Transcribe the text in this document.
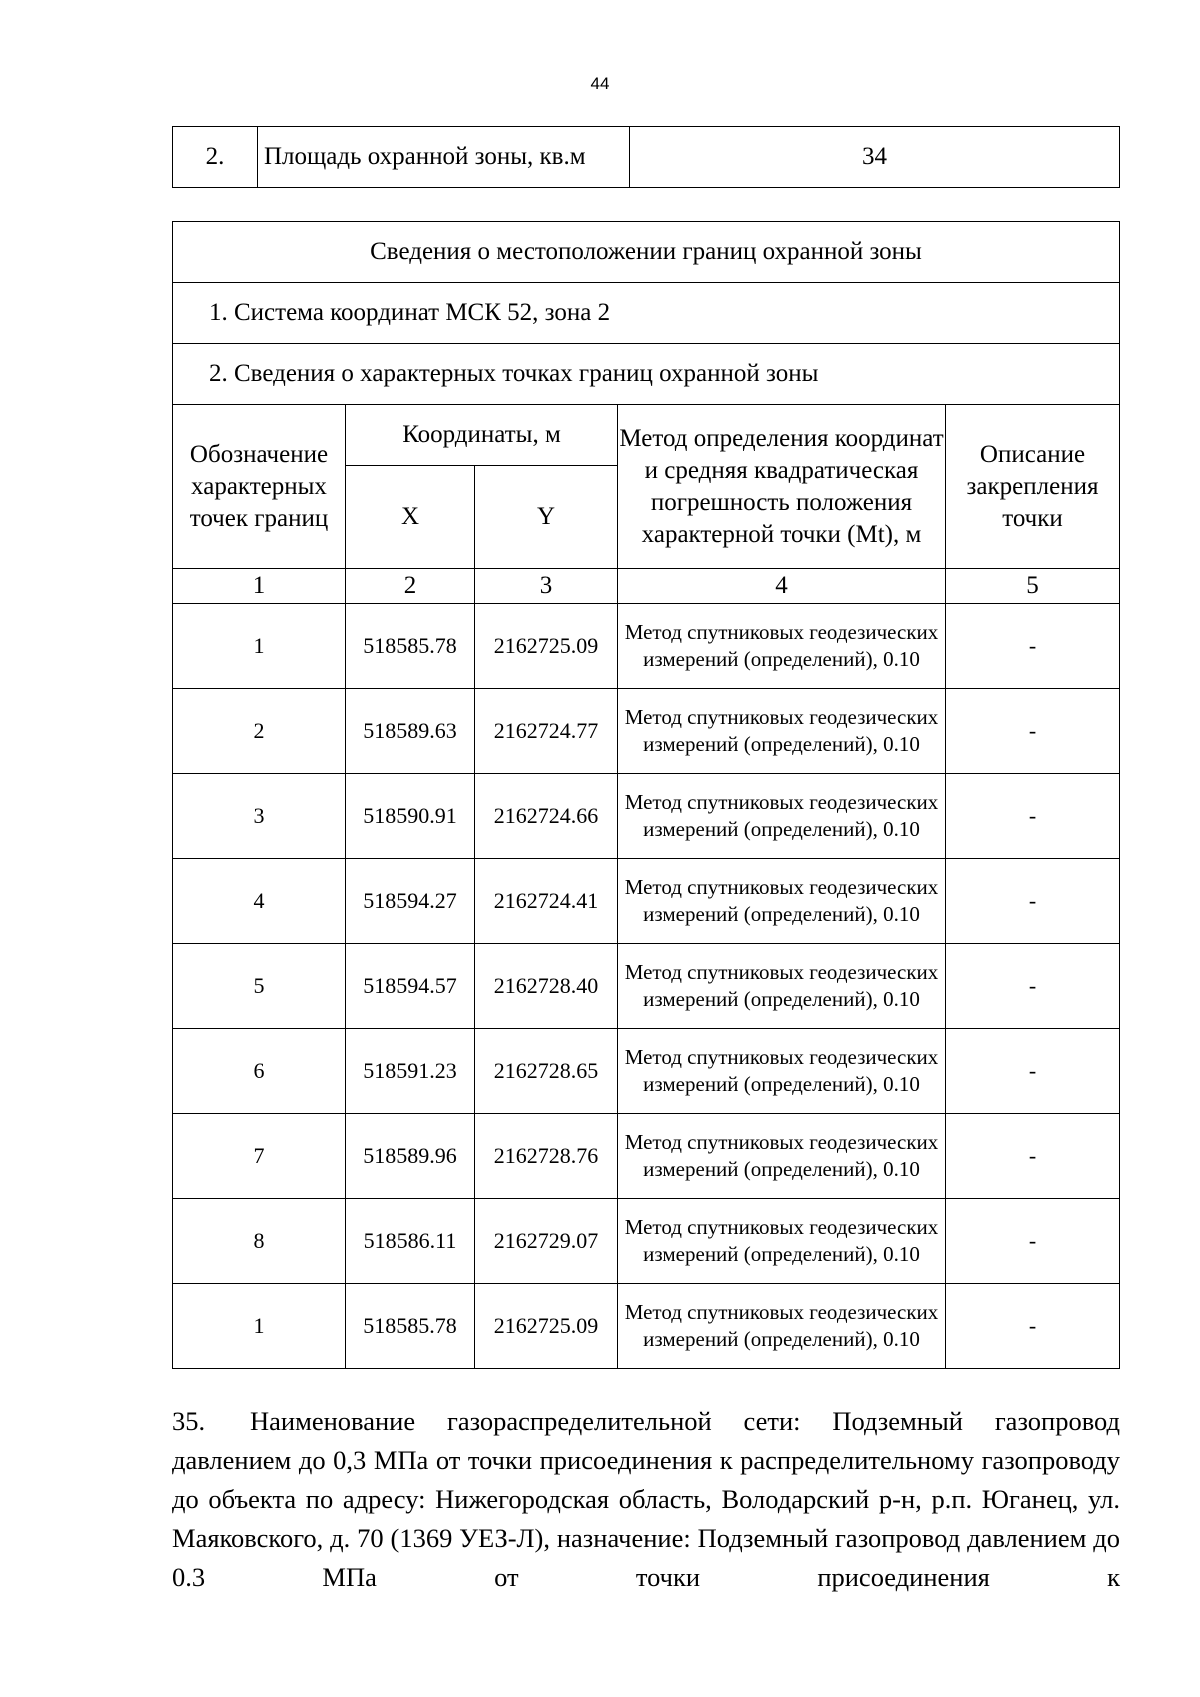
44
2.	Площадь охранной зоны, кв.м	34
Сведения о местоположении границ охранной зоны				
1. Система координат МСК 52, зона 2				
2. Сведения о характерных точках границ охранной зоны				
Обозначение характерных точек границ	Координаты, м		Метод определения координат и средняя квадратическая погрешность положения характерной точки (Mt), м	Описание закрепления точки
	X	Y		
1	2	3	4	5
1	518585.78	2162725.09	Метод спутниковых геодезических измерений (определений), 0.10	-
2	518589.63	2162724.77	Метод спутниковых геодезических измерений (определений), 0.10	-
3	518590.91	2162724.66	Метод спутниковых геодезических измерений (определений), 0.10	-
4	518594.27	2162724.41	Метод спутниковых геодезических измерений (определений), 0.10	-
5	518594.57	2162728.40	Метод спутниковых геодезических измерений (определений), 0.10	-
6	518591.23	2162728.65	Метод спутниковых геодезических измерений (определений), 0.10	-
7	518589.96	2162728.76	Метод спутниковых геодезических измерений (определений), 0.10	-
8	518586.11	2162729.07	Метод спутниковых геодезических измерений (определений), 0.10	-
1	518585.78	2162725.09	Метод спутниковых геодезических измерений (определений), 0.10	-
35. Наименование газораспределительной сети: Подземный газопровод давлением до 0,3 МПа от точки присоединения к распределительному газопроводу до объекта по адресу: Нижегородская область, Володарский р-н, р.п. Юганец, ул. Маяковского, д. 70 (1369 УЕЗ-Л), назначение: Подземный газопровод давлением до 0.3 МПа от точки присоединения к
